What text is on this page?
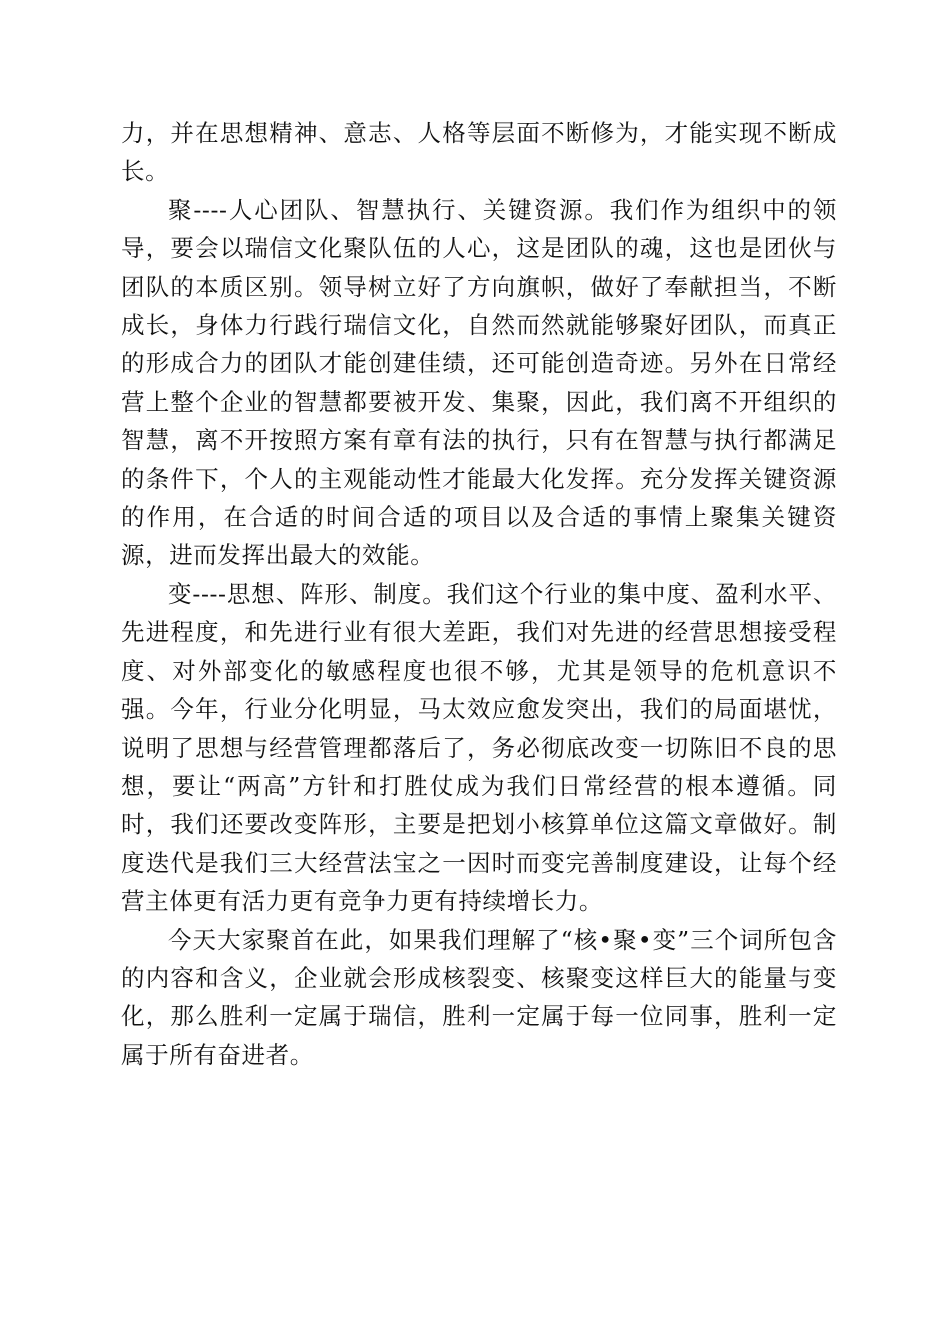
力，并在思想精神、意志、人格等层面不断修为，才能实现不断成长。

聚----人心团队、智慧执行、关键资源。我们作为组织中的领导，要会以瑞信文化聚队伍的人心，这是团队的魂，这也是团伙与团队的本质区别。领导树立好了方向旗帜，做好了奉献担当，不断成长，身体力行践行瑞信文化，自然而然就能够聚好团队，而真正的形成合力的团队才能创建佳绩，还可能创造奇迹。另外在日常经营上整个企业的智慧都要被开发、集聚，因此，我们离不开组织的智慧，离不开按照方案有章有法的执行，只有在智慧与执行都满足的条件下，个人的主观能动性才能最大化发挥。充分发挥关键资源的作用，在合适的时间合适的项目以及合适的事情上聚集关键资源，进而发挥出最大的效能。

变----思想、阵形、制度。我们这个行业的集中度、盈利水平、先进程度，和先进行业有很大差距，我们对先进的经营思想接受程度、对外部变化的敏感程度也很不够，尤其是领导的危机意识不强。今年，行业分化明显，马太效应愈发突出，我们的局面堪忧，说明了思想与经营管理都落后了，务必彻底改变一切陈旧不良的思想，要让“两高”方针和打胜仗成为我们日常经营的根本遵循。同时，我们还要改变阵形，主要是把划小核算单位这篇文章做好。制度迭代是我们三大经营法宝之一因时而变完善制度建设，让每个经营主体更有活力更有竞争力更有持续增长力。

今天大家聚首在此，如果我们理解了“核•聚•变”三个词所包含的内容和含义，企业就会形成核裂变、核聚变这样巨大的能量与变化，那么胜利一定属于瑞信，胜利一定属于每一位同事，胜利一定属于所有奋进者。
